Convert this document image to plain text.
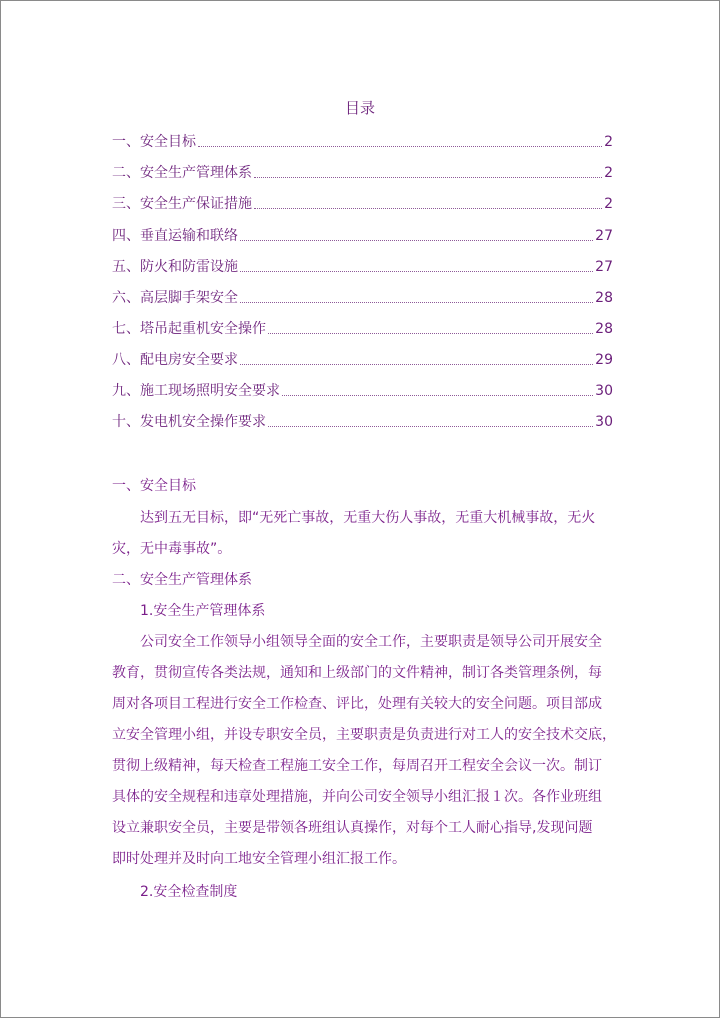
目录
一、安全目标	2
二、安全生产管理体系	2
三、安全生产保证措施	2
四、垂直运输和联络	27
五、防火和防雷设施	27
六、高层脚手架安全	28
七、塔吊起重机安全操作	28
八、配电房安全要求	29
九、施工现场照明安全要求	30
十、发电机安全操作要求	30
一、安全目标
达到五无目标，即“无死亡事故，无重大伤人事故，无重大机械事故，无火
灾，无中毒事故”。
二、安全生产管理体系
1.安全生产管理体系
公司安全工作领导小组领导全面的安全工作，主要职责是领导公司开展安全
教育，贯彻宣传各类法规，通知和上级部门的文件精神，制订各类管理条例，每
周对各项目工程进行安全工作检查、评比，处理有关较大的安全问题。项目部成
立安全管理小组，并设专职安全员，主要职责是负责进行对工人的安全技术交底，
贯彻上级精神，每天检查工程施工安全工作，每周召开工程安全会议一次。制订
具体的安全规程和违章处理措施，并向公司安全领导小组汇报１次。各作业班组
设立兼职安全员，主要是带领各班组认真操作，对每个工人耐心指导,发现问题
即时处理并及时向工地安全管理小组汇报工作。
2.安全检查制度
